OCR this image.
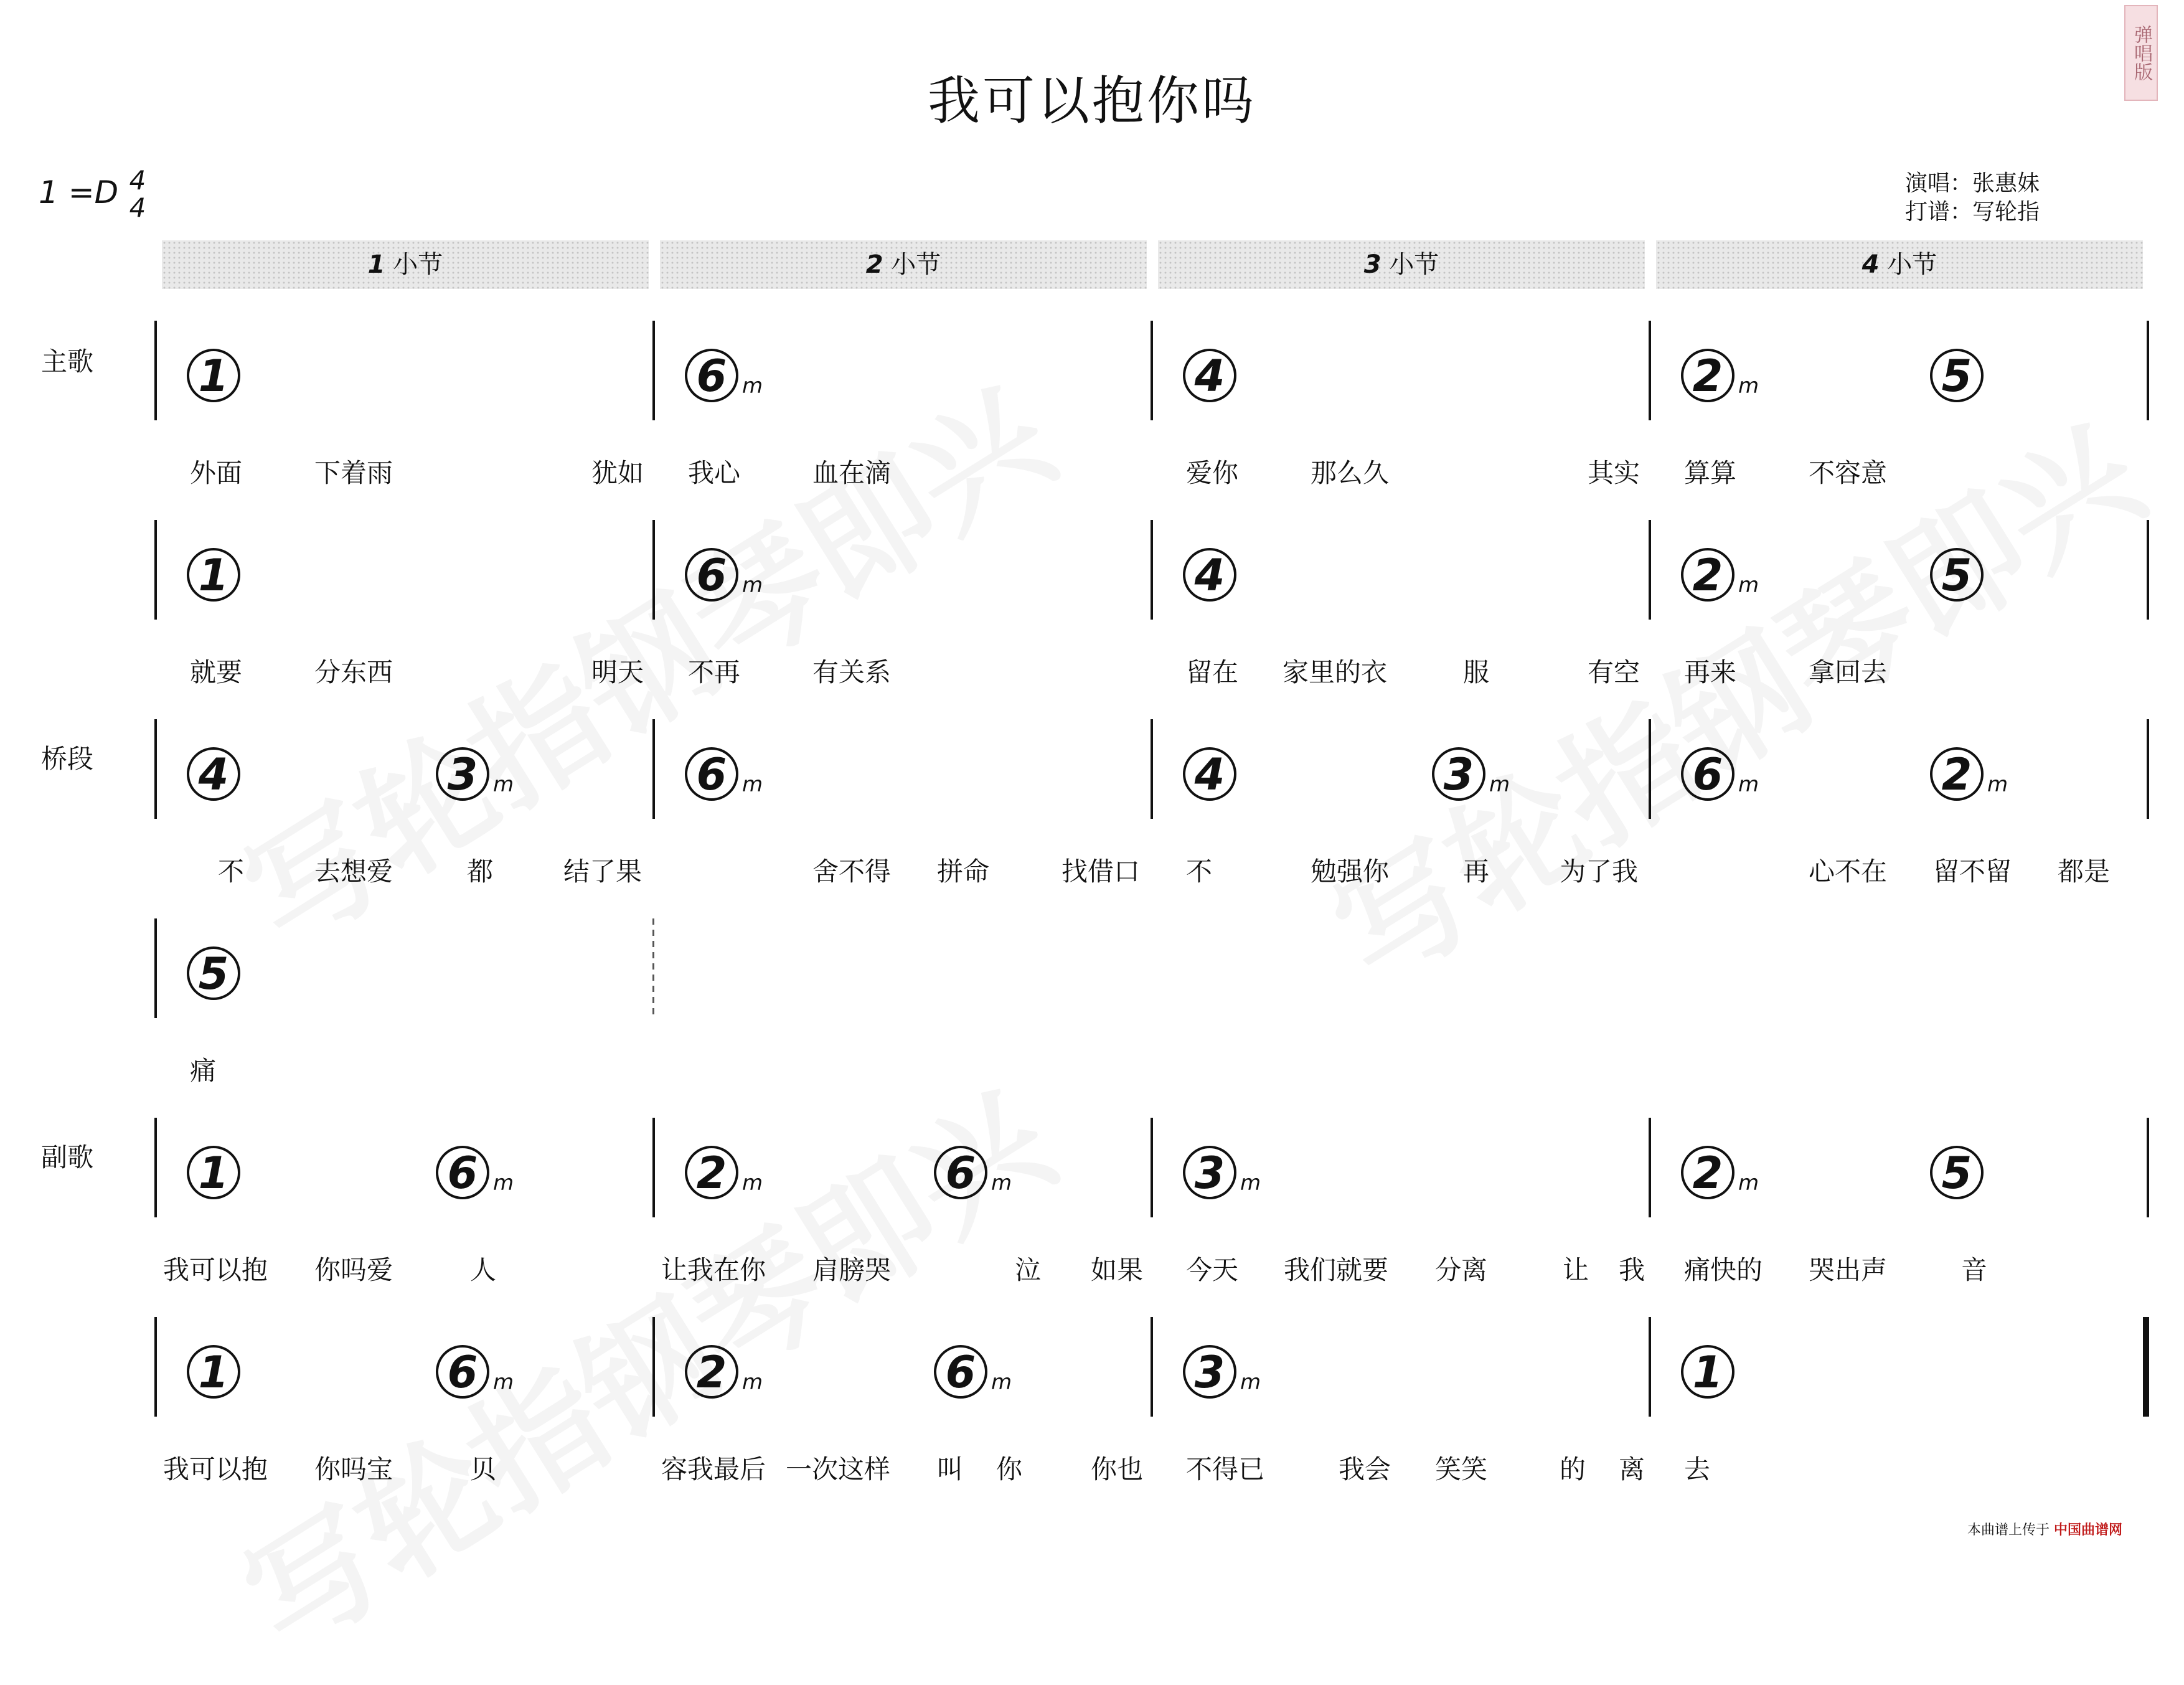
我可以抱你吗
弹唱版
1 =D 4
4
演唱：张惠妹
打谱：写轮指
1 小节	2 小节	3 小节	4 小节
主歌
桥段
副歌
1	6 m	4	2 m	5
外面	下着雨	犹如 我心	血在滴	爱你	那么久	其实 算算	不容意
1	6 m	4	2 m	5
就要	分东西	明天 不再	有关系	留在 家里的衣	服	有空 再来	拿回去
4	3 m	6 m	4	3 m	6 m	2 m
不	去想爱	都	结了果	舍不得 拼命	找借口 不	勉强你	再	为了我	心不在 留不留 都是
5
痛
1	6 m	2 m	6 m	3 m	2 m	5
我可以抱 你吗爱	人	让我在你 肩膀哭	泣 如果 今天 我们就要 分离	让 我 痛快的 哭出声	音
1	6 m	2 m	6 m	3 m	1
我可以抱 你吗宝	贝	容我最后 一次这样 叫 你	你也 不得已	我会 笑笑	的 离 去
本曲谱上传于 中国曲谱网
